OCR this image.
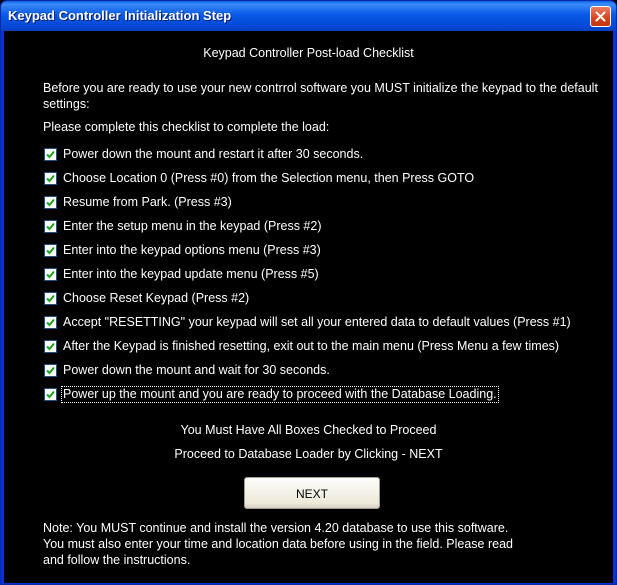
Keypad Controller Initialization Step
Keypad Controller Post-load Checklist
Before you are ready to use your new contrrol software you MUST initialize the keypad to the default settings:
Please complete this checklist to complete the load:
Power down the mount and restart it after 30 seconds.
Choose Location 0 (Press #0) from the Selection menu, then Press GOTO
Resume from Park. (Press #3)
Enter the setup menu in the keypad (Press #2)
Enter into the keypad options menu (Press #3)
Enter into the keypad update menu (Press #5)
Choose Reset Keypad (Press #2)
Accept "RESETTING" your keypad will set all your entered data to default values (Press #1)
After the Keypad is finished resetting, exit out to the main menu (Press Menu a few times)
Power down the mount and wait for 30 seconds.
Power up the mount and you are ready to proceed with the Database Loading.
You Must Have All Boxes Checked to Proceed
Proceed to Database Loader by Clicking - NEXT
NEXT
Note: You MUST continue and install the version 4.20 database to use this software.
You must also enter your time and location data before using in the field. Please read
and follow the instructions.
